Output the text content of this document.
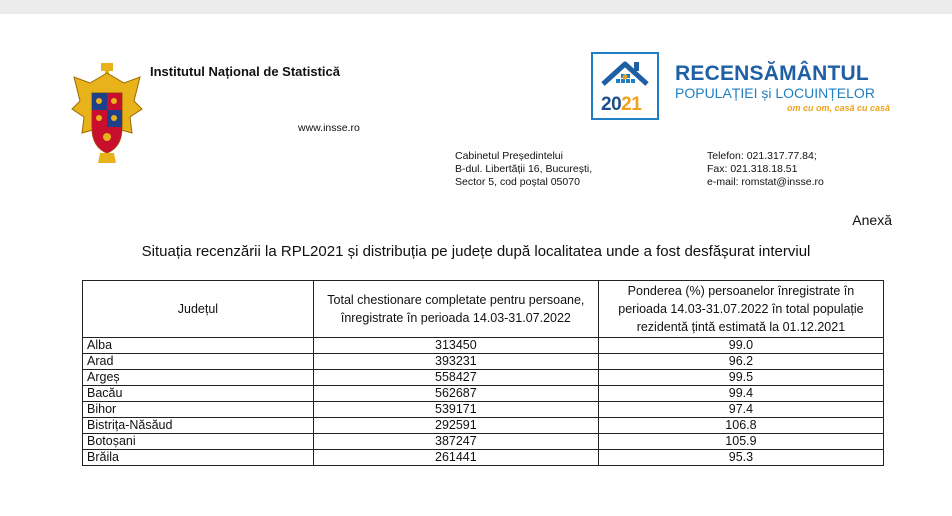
Institutul Național de Statistică
www.insse.ro
2021
RECENSĂMÂNTUL
POPULAȚIEI și LOCUINȚELOR
om cu om, casă cu casă
Cabinetul Președintelui
B-dul. Libertății 16, București,
Sector 5, cod poștal 05070
Telefon: 021.317.77.84;
Fax: 021.318.18.51
e-mail: romstat@insse.ro
Anexă
Situația recenzării la RPL2021 și distribuția pe județe după localitatea unde a fost desfășurat interviul
Județul	Total chestionare completate pentru persoane, înregistrate în perioada 14.03-31.07.2022	Ponderea (%) persoanelor înregistrate în perioada 14.03-31.07.2022 în total populație rezidentă țintă estimată la 01.12.2021
Alba	313450	99.0
Arad	393231	96.2
Argeș	558427	99.5
Bacău	562687	99.4
Bihor	539171	97.4
Bistrița-Năsăud	292591	106.8
Botoșani	387247	105.9
Brăila	261441	95.3
